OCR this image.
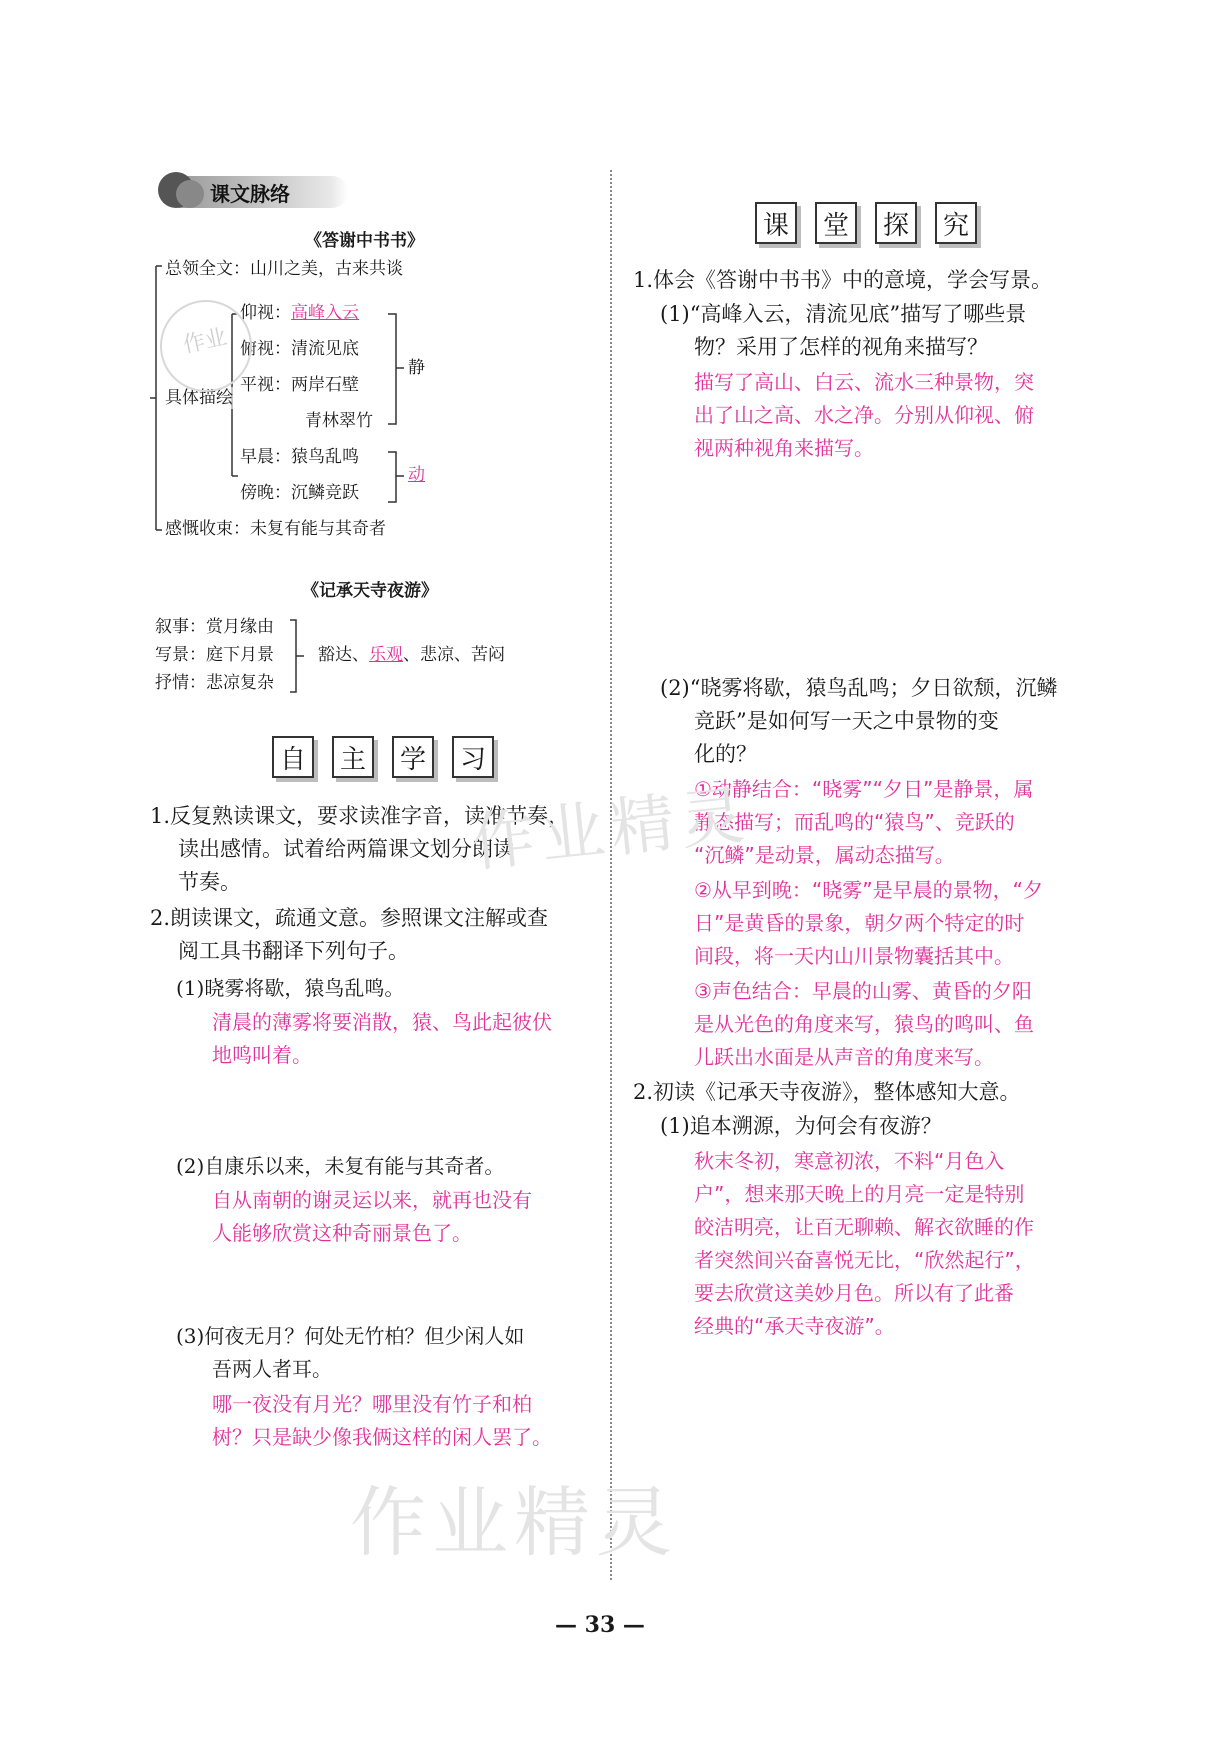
课文脉络
《答谢中书书》
总领全文：山川之美，古来共谈
仰视：高峰入云
俯视：清流见底
平视：两岸石壁
青林翠竹
静
具体描绘
早晨：猿鸟乱鸣
傍晚：沉鳞竞跃
动
感慨收束：未复有能与其奇者
作业
《记承天寺夜游》
叙事：赏月缘由
写景：庭下月景
抒情：悲凉复杂
豁达、乐观、悲凉、苦闷
自	主	学	习
1.反复熟读课文，要求读准字音，读准节奏，
读出感情。试着给两篇课文划分朗读
节奏。
2.朗读课文，疏通文意。参照课文注解或查
阅工具书翻译下列句子。
(1)晓雾将歇，猿鸟乱鸣。
清晨的薄雾将要消散，猿、鸟此起彼伏
地鸣叫着。
(2)自康乐以来，未复有能与其奇者。
自从南朝的谢灵运以来，就再也没有
人能够欣赏这种奇丽景色了。
(3)何夜无月？何处无竹柏？但少闲人如
吾两人者耳。
哪一夜没有月光？哪里没有竹子和柏
树？只是缺少像我俩这样的闲人罢了。
课	堂	探	究
1.体会《答谢中书书》中的意境，学会写景。
(1)“高峰入云，清流见底”描写了哪些景
物？采用了怎样的视角来描写？
描写了高山、白云、流水三种景物，突
出了山之高、水之净。分别从仰视、俯
视两种视角来描写。
(2)“晓雾将歇，猿鸟乱鸣；夕日欲颓，沉鳞
竞跃”是如何写一天之中景物的变
化的？
①动静结合：“晓雾”“夕日”是静景，属
静态描写；而乱鸣的“猿鸟”、竞跃的
“沉鳞”是动景，属动态描写。
②从早到晚：“晓雾”是早晨的景物，“夕
日”是黄昏的景象，朝夕两个特定的时
间段，将一天内山川景物囊括其中。
③声色结合：早晨的山雾、黄昏的夕阳
是从光色的角度来写，猿鸟的鸣叫、鱼
儿跃出水面是从声音的角度来写。
2.初读《记承天寺夜游》，整体感知大意。
(1)追本溯源，为何会有夜游？
秋末冬初，寒意初浓，不料“月色入
户”，想来那天晚上的月亮一定是特别
皎洁明亮，让百无聊赖、解衣欲睡的作
者突然间兴奋喜悦无比，“欣然起行”，
要去欣赏这美妙月色。所以有了此番
经典的“承天寺夜游”。
作业精灵
作业精灵
— 33 —
